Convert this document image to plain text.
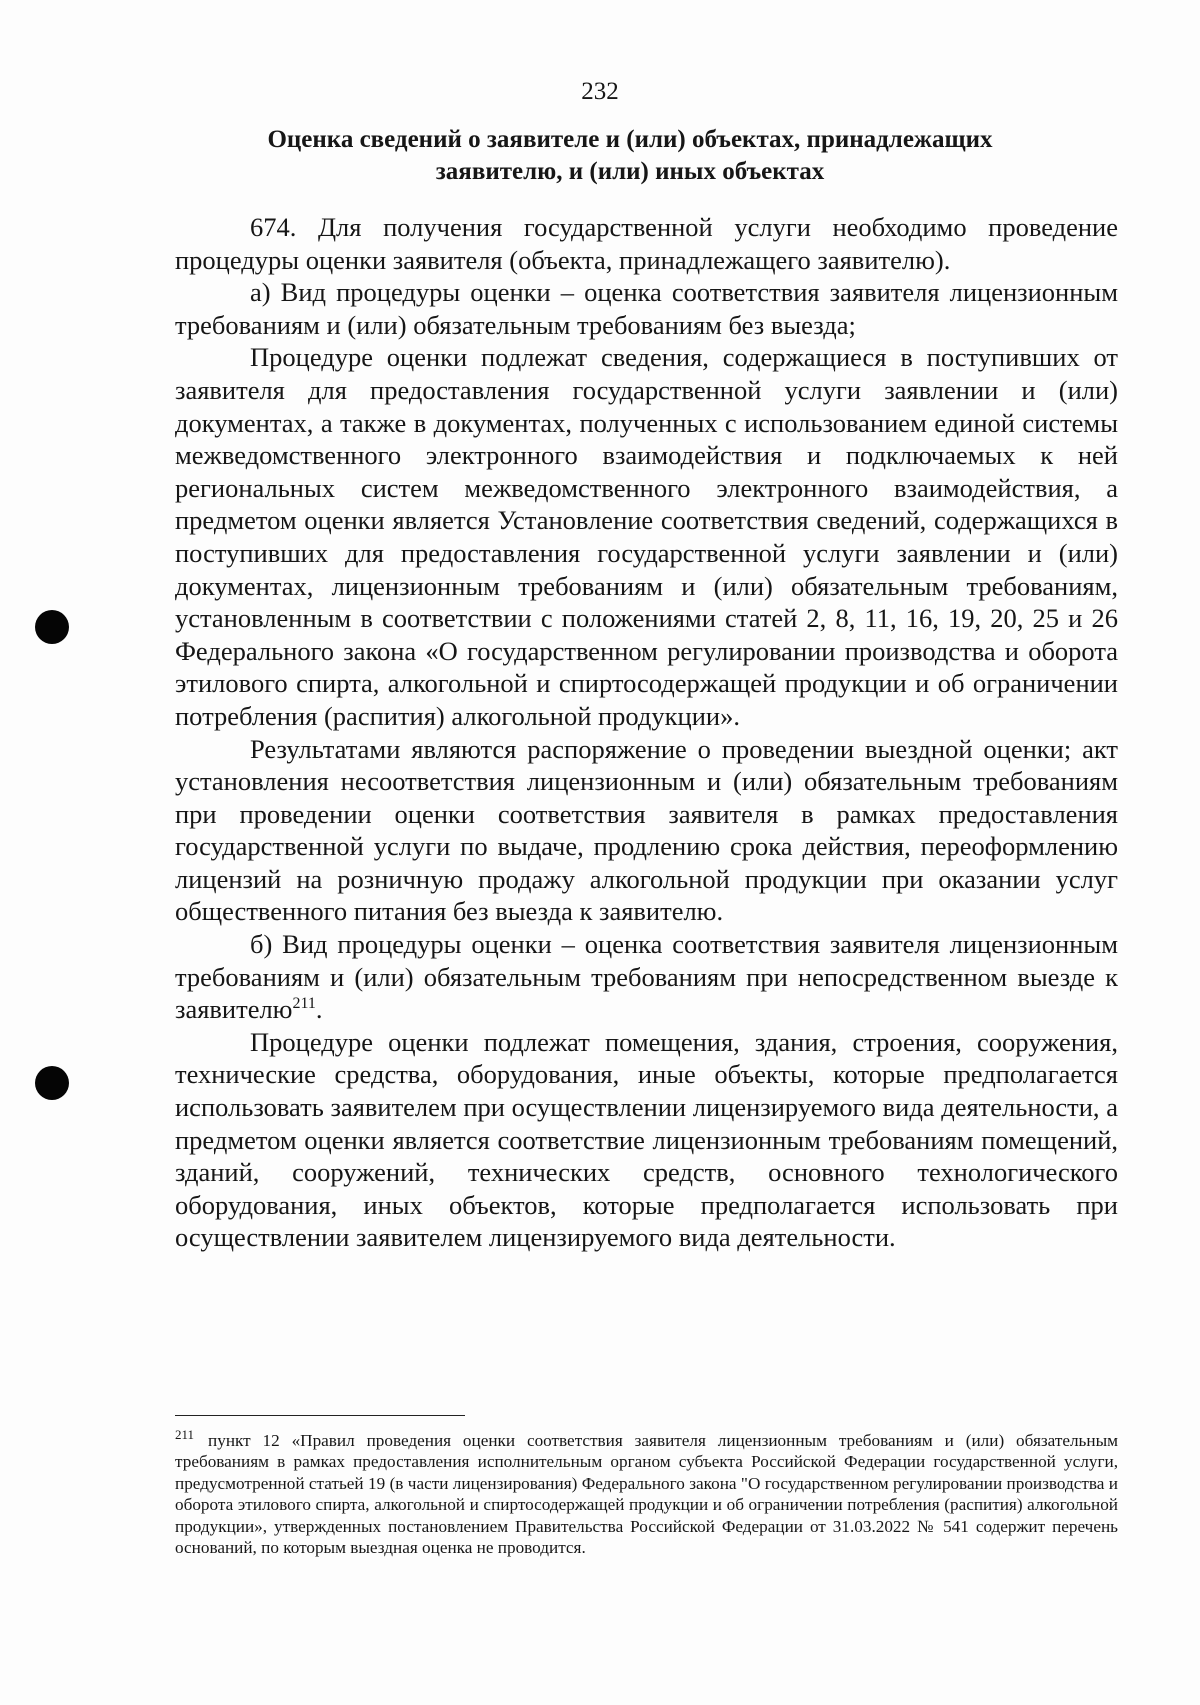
232
Оценка сведений о заявителе и (или) объектах, принадлежащих
заявителю, и (или) иных объектах

674. Для получения государственной услуги необходимо проведение процедуры оценки заявителя (объекта, принадлежащего заявителю).

а) Вид процедуры оценки – оценка соответствия заявителя лицензионным требованиям и (или) обязательным требованиям без выезда;

Процедуре оценки подлежат сведения, содержащиеся в поступивших от заявителя для предоставления государственной услуги заявлении и (или) документах, а также в документах, полученных с использованием единой системы межведомственного электронного взаимодействия и подключаемых к ней региональных систем межведомственного электронного взаимодействия, а предметом оценки является Установление соответствия сведений, содержащихся в поступивших для предоставления государственной услуги заявлении и (или) документах, лицензионным требованиям и (или) обязательным требованиям, установленным в соответствии с положениями статей 2, 8, 11, 16, 19, 20, 25 и 26 Федерального закона «О государственном регулировании производства и оборота этилового спирта, алкогольной и спиртосодержащей продукции и об ограничении потребления (распития) алкогольной продукции».

Результатами являются распоряжение о проведении выездной оценки; акт установления несоответствия лицензионным и (или) обязательным требованиям при проведении оценки соответствия заявителя в рамках предоставления государственной услуги по выдаче, продлению срока действия, переоформлению лицензий на розничную продажу алкогольной продукции при оказании услуг общественного питания без выезда к заявителю.

б) Вид процедуры оценки – оценка соответствия заявителя лицензионным требованиям и (или) обязательным требованиям при непосредственном выезде к заявителю$^{211}$.

Процедуре оценки подлежат помещения, здания, строения, сооружения, технические средства, оборудования, иные объекты, которые предполагается использовать заявителем при осуществлении лицензируемого вида деятельности, а предметом оценки является соответствие лицензионным требованиям помещений, зданий, сооружений, технических средств, основного технологического оборудования, иных объектов, которые предполагается использовать при осуществлении заявителем лицензируемого вида деятельности.

$^{211}$ пункт 12 «Правил проведения оценки соответствия заявителя лицензионным требованиям и (или) обязательным требованиям в рамках предоставления исполнительным органом субъекта Российской Федерации государственной услуги, предусмотренной статьей 19 (в части лицензирования) Федерального закона "О государственном регулировании производства и оборота этилового спирта, алкогольной и спиртосодержащей продукции и об ограничении потребления (распития) алкогольной продукции», утвержденных постановлением Правительства Российской Федерации от 31.03.2022 № 541 содержит перечень оснований, по которым выездная оценка не проводится.
